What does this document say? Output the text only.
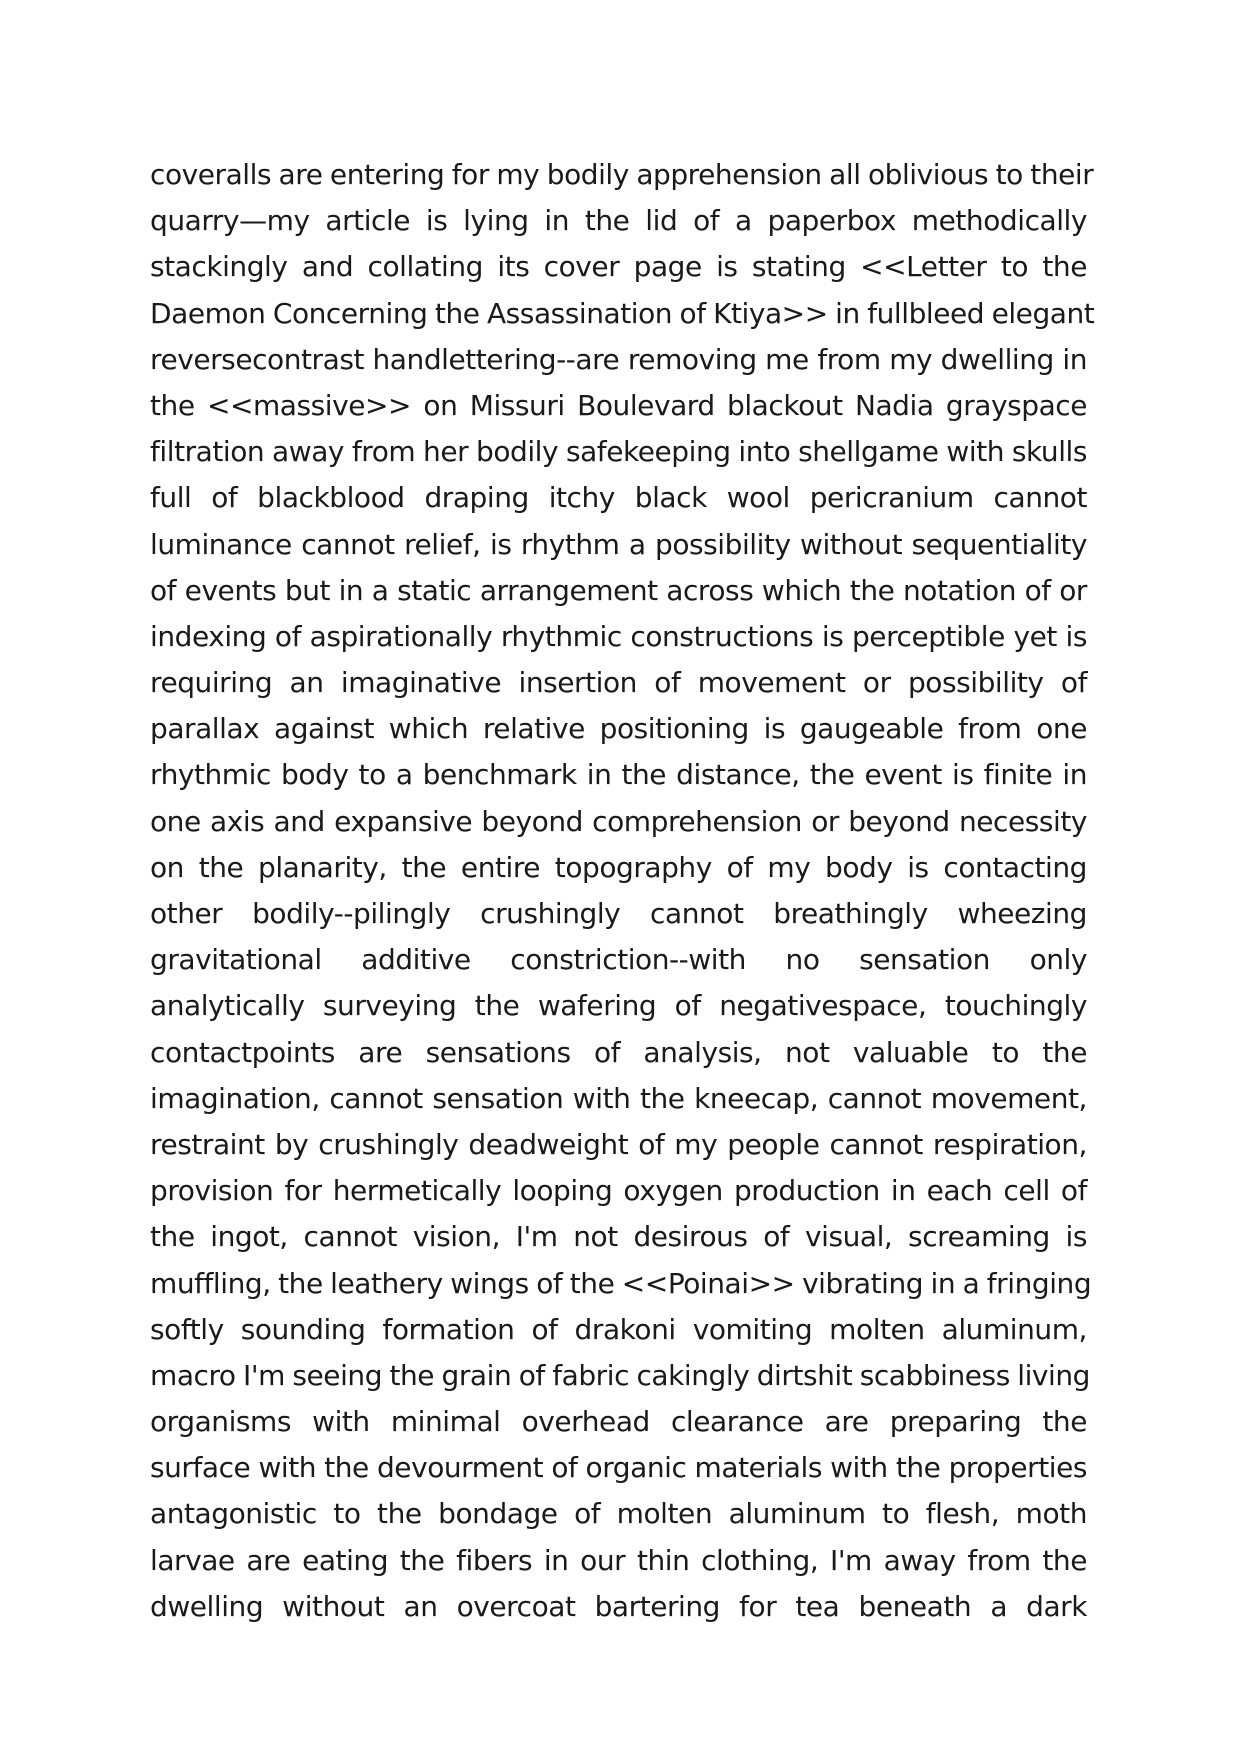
coveralls are entering for my bodily apprehension all oblivious to their
quarry—my article is lying in the lid of a paperbox methodically
stackingly and collating its cover page is stating <<Letter to the
Daemon Concerning the Assassination of Ktiya>> in fullbleed elegant
reversecontrast handlettering--are removing me from my dwelling in
the <<massive>> on Missuri Boulevard blackout Nadia grayspace
filtration away from her bodily safekeeping into shellgame with skulls
full of blackblood draping itchy black wool pericranium cannot
luminance cannot relief, is rhythm a possibility without sequentiality
of events but in a static arrangement across which the notation of or
indexing of aspirationally rhythmic constructions is perceptible yet is
requiring an imaginative insertion of movement or possibility of
parallax against which relative positioning is gaugeable from one
rhythmic body to a benchmark in the distance, the event is finite in
one axis and expansive beyond comprehension or beyond necessity
on the planarity, the entire topography of my body is contacting
other bodily--pilingly crushingly cannot breathingly wheezing
gravitational additive constriction--with no sensation only
analytically surveying the wafering of negativespace, touchingly
contactpoints are sensations of analysis, not valuable to the
imagination, cannot sensation with the kneecap, cannot movement,
restraint by crushingly deadweight of my people cannot respiration,
provision for hermetically looping oxygen production in each cell of
the ingot, cannot vision, I'm not desirous of visual, screaming is
muffling, the leathery wings of the <<Poinai>> vibrating in a fringing
softly sounding formation of drakoni vomiting molten aluminum,
macro I'm seeing the grain of fabric cakingly dirtshit scabbiness living
organisms with minimal overhead clearance are preparing the
surface with the devourment of organic materials with the properties
antagonistic to the bondage of molten aluminum to flesh, moth
larvae are eating the fibers in our thin clothing, I'm away from the
dwelling without an overcoat bartering for tea beneath a dark
